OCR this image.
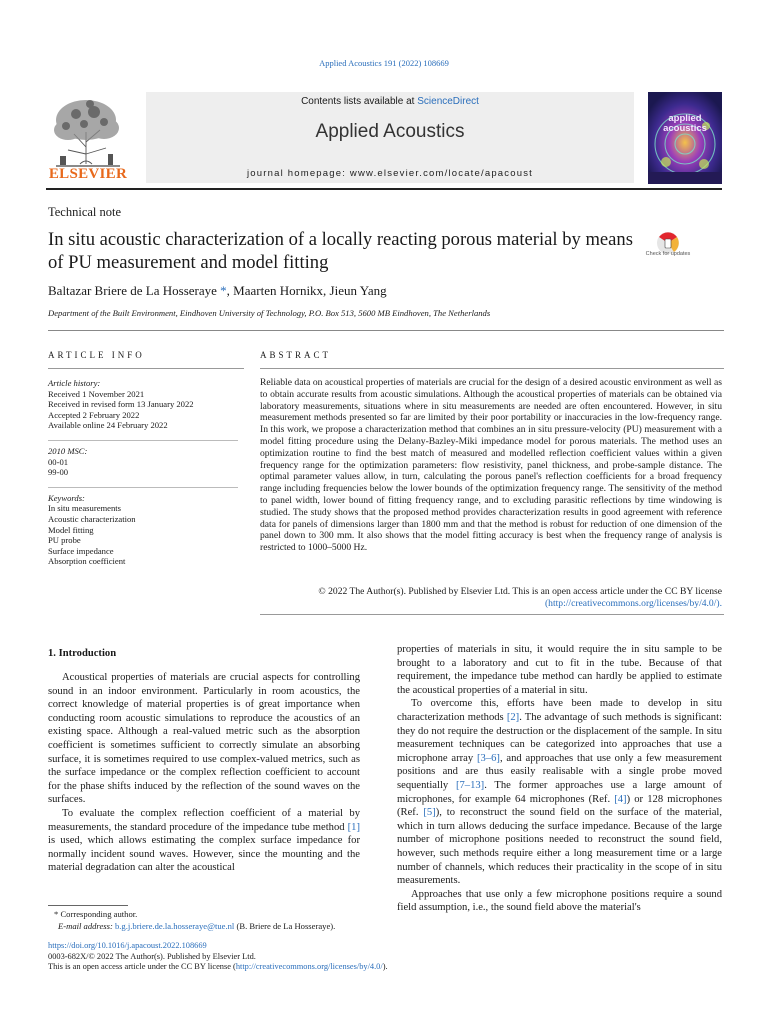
Applied Acoustics 191 (2022) 108669
ELSEVIER
Contents lists available at ScienceDirect
Applied Acoustics
journal homepage: www.elsevier.com/locate/apacoust
applied
acoustics
Technical note
In situ acoustic characterization of a locally reacting porous material by means of PU measurement and model fitting	Check for updates
Baltazar Briere de La Hosseraye *, Maarten Hornikx, Jieun Yang
Department of the Built Environment, Eindhoven University of Technology, P.O. Box 513, 5600 MB Eindhoven, The Netherlands
ARTICLE INFO
Article history:
Received 1 November 2021
Received in revised form 13 January 2022
Accepted 2 February 2022
Available online 24 February 2022
2010 MSC:
00-01
99-00
Keywords:
In situ measurements
Acoustic characterization
Model fitting
PU probe
Surface impedance
Absorption coefficient
ABSTRACT
Reliable data on acoustical properties of materials are crucial for the design of a desired acoustic environment as well as to obtain accurate results from acoustic simulations. Although the acoustical properties of materials can be obtained via laboratory measurements, situations where in situ measurements are needed are often encountered. However, in situ measurement methods presented so far are limited by their poor portability or inaccuracies in the low-frequency range. In this work, we propose a characterization method that combines an in situ pressure-velocity (PU) measurement with a model fitting procedure using the Delany-Bazley-Miki impedance model for porous materials. The method uses an optimization routine to find the best match of measured and modelled reflection coefficient values within a given frequency range for the optimization parameters: flow resistivity, panel thickness, and probe-sample distance. The optimal parameter values allow, in turn, calculating the porous panel's reflection coefficients for a broad frequency range including frequencies below the lower bounds of the optimization frequency range. The sensitivity of the method to panel width, lower bound of fitting frequency range, and to excluding parasitic reflections by time windowing is studied. The study shows that the proposed method provides characterization results in good agreement with reference data for panels of dimensions larger than 1800 mm and that the method is robust for reduction of one dimension of the panel down to 300 mm. It also shows that the model fitting accuracy is best when the frequency range of analysis is restricted to 1000–5000 Hz.
© 2022 The Author(s). Published by Elsevier Ltd. This is an open access article under the CC BY license
(http://creativecommons.org/licenses/by/4.0/).
1. Introduction

Acoustical properties of materials are crucial aspects for controlling sound in an indoor environment. Particularly in room acoustics, the correct knowledge of material properties is of great importance when conducting room acoustic simulations to reproduce the acoustics of an existing space. Although a real-valued metric such as the absorption coefficient is sometimes sufficient to correctly simulate an absorbing surface, it is sometimes required to use complex-valued metrics, such as the surface impedance or the complex reflection coefficient to account for the phase shifts induced by the reflection of the sound waves on the surfaces.

To evaluate the complex reflection coefficient of a material by measurements, the standard procedure of the impedance tube method [1] is used, which allows estimating the complex surface impedance for normally incident sound waves. However, since the mounting and the material degradation can alter the acoustical

properties of materials in situ, it would require the in situ sample to be brought to a laboratory and cut to fit in the tube. Because of that requirement, the impedance tube method can hardly be applied to estimate the acoustical properties of a material in situ.

To overcome this, efforts have been made to develop in situ characterization methods [2]. The advantage of such methods is significant: they do not require the destruction or the displacement of the sample. In situ measurement techniques can be categorized into approaches that use a microphone array [3–6], and approaches that use only a few measurement positions and are thus easily realisable with a single probe moved sequentially [7–13]. The former approaches use a large amount of microphones, for example 64 microphones (Ref. [4]) or 128 microphones (Ref. [5]), to reconstruct the sound field on the surface of the material, which in turn allows deducing the surface impedance. Because of the large number of microphone positions needed to reconstruct the sound field, however, such methods require either a long measurement time or a large number of channels, which reduces their practicality in the scope of in situ measurements.

Approaches that use only a few microphone positions require a sound field assumption, i.e., the sound field above the material's

* Corresponding author.
E-mail address: b.g.j.briere.de.la.hosseraye@tue.nl (B. Briere de La Hosseraye).
https://doi.org/10.1016/j.apacoust.2022.108669
0003-682X/© 2022 The Author(s). Published by Elsevier Ltd.
This is an open access article under the CC BY license (http://creativecommons.org/licenses/by/4.0/).
